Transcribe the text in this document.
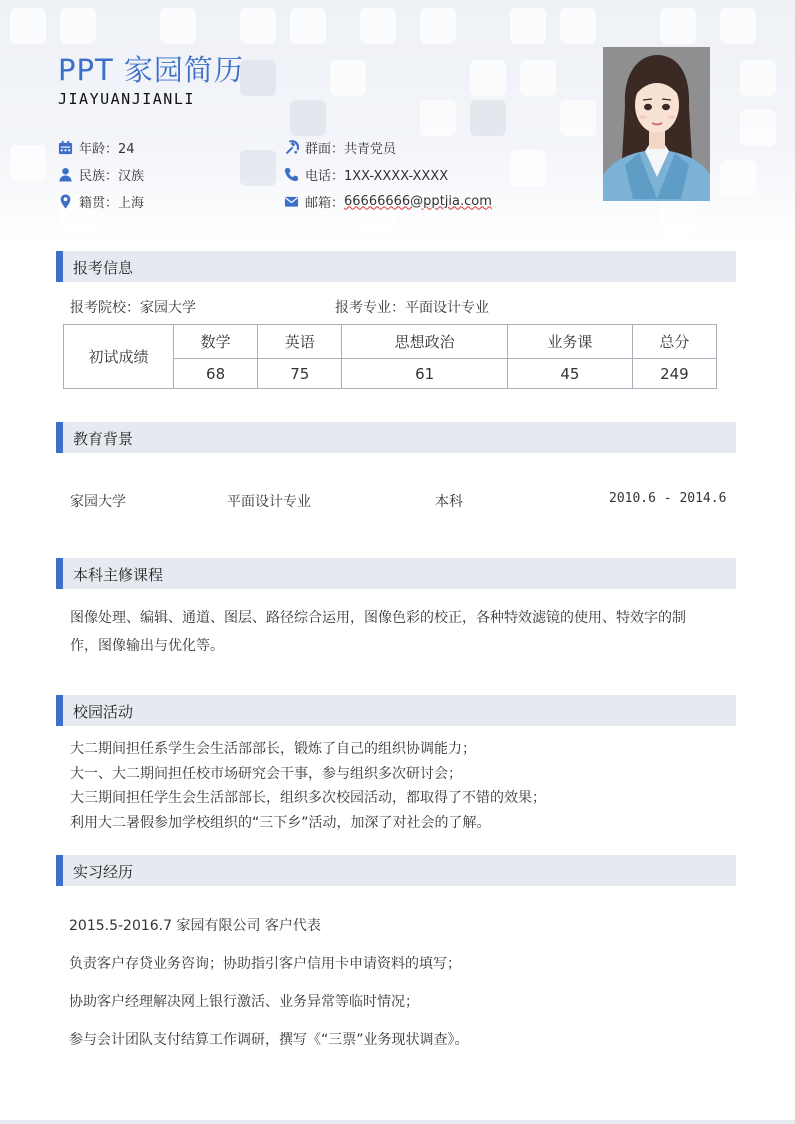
PPT 家园简历
JIAYUANJIANLI
年龄：24
民族：汉族
籍贯：上海
群面：共青党员
电话：1XX-XXXX-XXXX
邮箱： 66666666@pptjia.com
报考信息
报考院校：家园大学	报考专业：平面设计专业
初试成绩	数学	英语	思想政治	业务课	总分
	68	75	61	45	249
教育背景
家园大学	平面设计专业	本科	2010.6 - 2014.6
本科主修课程
图像处理、编辑、通道、图层、路径综合运用，图像色彩的校正，各种特效滤镜的使用、特效字的制
作，图像输出与优化等。
校园活动
大二期间担任系学生会生活部部长，锻炼了自己的组织协调能力；
大一、大二期间担任校市场研究会干事，参与组织多次研讨会；
大三期间担任学生会生活部部长，组织多次校园活动，都取得了不错的效果；
利用大二暑假参加学校组织的“三下乡”活动，加深了对社会的了解。
实习经历
2015.5-2016.7 家园有限公司 客户代表
负责客户存贷业务咨询；协助指引客户信用卡申请资料的填写；
协助客户经理解决网上银行激活、业务异常等临时情况；
参与会计团队支付结算工作调研，撰写《“三票”业务现状调查》。
